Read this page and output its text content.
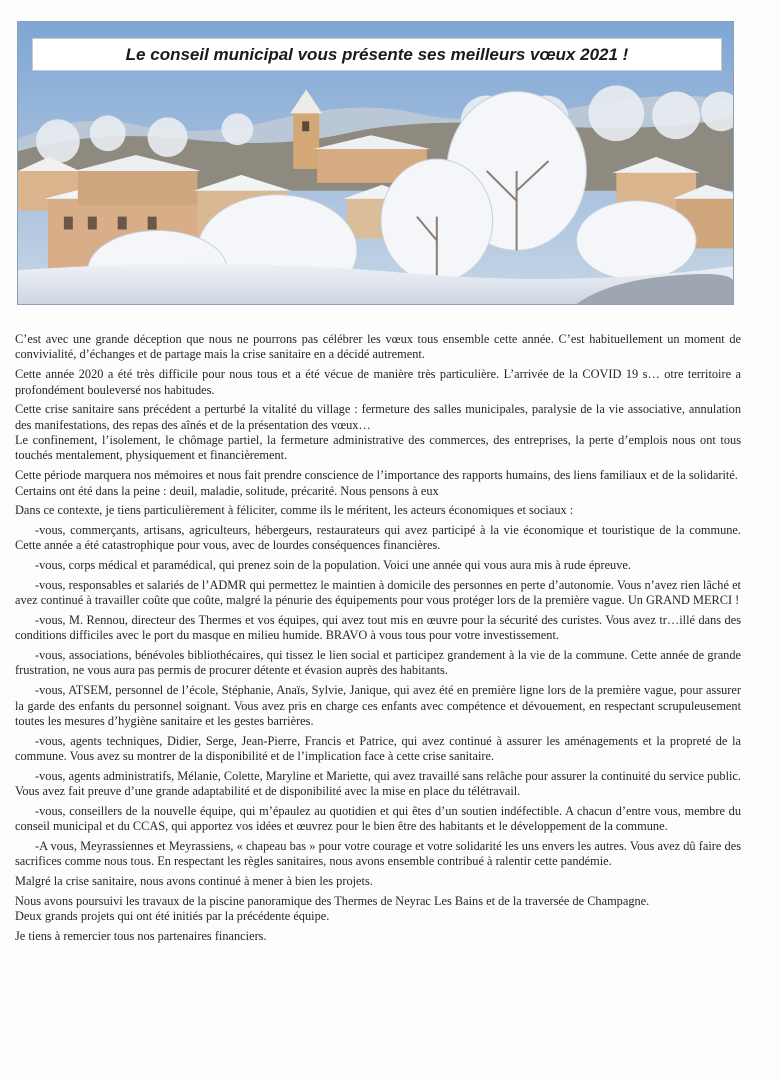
Le conseil municipal vous présente ses meilleurs vœux 2021 !

C’est avec une grande déception que nous ne pourrons pas célébrer les vœux tous ensemble cette année. C’est habituellement un moment de convivialité, d’échanges et de partage mais la crise sanitaire en a décidé autrement.

Cette année 2020 a été très difficile pour nous tous et a été vécue de manière très particulière. L’arrivée de la COVID 19 s… otre territoire a profondément bouleversé nos habitudes.

Cette crise sanitaire sans précédent a perturbé la vitalité du village : fermeture des salles municipales, paralysie de la vie associative, annulation des manifestations, des repas des aînés et de la présentation des vœux…

Le confinement, l’isolement, le chômage partiel, la fermeture administrative des commerces, des entreprises, la perte d’emplois nous ont tous touchés mentalement, physiquement et financièrement.

Cette période marquera nos mémoires et nous fait prendre conscience de l’importance des rapports humains, des liens familiaux et de la solidarité.

Certains ont été dans la peine : deuil, maladie, solitude, précarité. Nous pensons à eux

Dans ce contexte, je tiens particulièrement à féliciter, comme ils le méritent, les acteurs économiques et sociaux :

-vous, commerçants, artisans, agriculteurs, hébergeurs, restaurateurs qui avez participé à la vie économique et touristique de la commune. Cette année a été catastrophique pour vous, avec de lourdes conséquences financières.

-vous, corps médical et paramédical, qui prenez soin de la population. Voici une année qui vous aura mis à rude épreuve.

-vous, responsables et salariés de l’ADMR qui permettez le maintien à domicile des personnes en perte d’autonomie. Vous n’avez rien lâché et avez continué à travailler coûte que coûte, malgré la pénurie des équipements pour vous protéger lors de la première vague. Un GRAND MERCI !

-vous, M. Rennou, directeur des Thermes et vos équipes, qui avez tout mis en œuvre pour la sécurité des curistes. Vous avez tr…illé dans des conditions difficiles avec le port du masque en milieu humide. BRAVO à vous tous pour votre investissement.

-vous, associations, bénévoles bibliothécaires, qui tissez le lien social et participez grandement à la vie de la commune. Cette année de grande frustration, ne vous aura pas permis de procurer détente et évasion auprès des habitants.

-vous, ATSEM, personnel de l’école, Stéphanie, Anaïs, Sylvie, Janique, qui avez été en première ligne lors de la première vague, pour assurer la garde des enfants du personnel soignant. Vous avez pris en charge ces enfants avec compétence et dévouement, en respectant scrupuleusement toutes les mesures d’hygiène sanitaire et les gestes barrières.

-vous, agents techniques, Didier, Serge, Jean-Pierre, Francis et Patrice, qui avez continué à assurer les aménagements et la propreté de la commune. Vous avez su montrer de la disponibilité et de l’implication face à cette crise sanitaire.

-vous, agents administratifs, Mélanie, Colette, Maryline et Mariette, qui avez travaillé sans relâche pour assurer la continuité du service public. Vous avez fait preuve d’une grande adaptabilité et de disponibilité avec la mise en place du télétravail.

-vous, conseillers de la nouvelle équipe, qui m’épaulez au quotidien et qui êtes d’un soutien indéfectible. A chacun d’entre vous, membre du conseil municipal et du CCAS, qui apportez vos idées et œuvrez pour le bien être des habitants et le développement de la commune.

-A vous, Meyrassiennes et Meyrassiens, « chapeau bas » pour votre courage et votre solidarité les uns envers les autres. Vous avez dû faire des sacrifices comme nous tous. En respectant les règles sanitaires, nous avons ensemble contribué à ralentir cette pandémie.

Malgré la crise sanitaire, nous avons continué à mener à bien les projets.

Nous avons poursuivi les travaux de la piscine panoramique des Thermes de Neyrac Les Bains et de la traversée de Champagne.

Deux grands projets qui ont été initiés par la précédente équipe.

Je tiens à remercier tous nos partenaires financiers.
